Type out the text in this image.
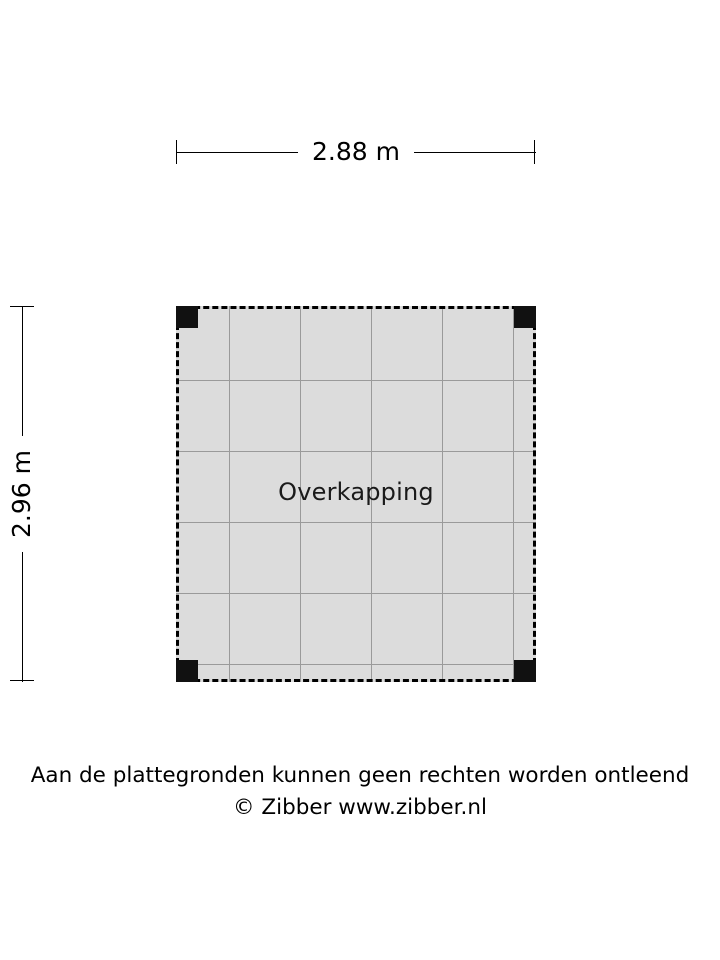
2.88 m
2.96 m	Overkapping
Aan de plattegronden kunnen geen rechten worden ontleend
© Zibber www.zibber.nl
